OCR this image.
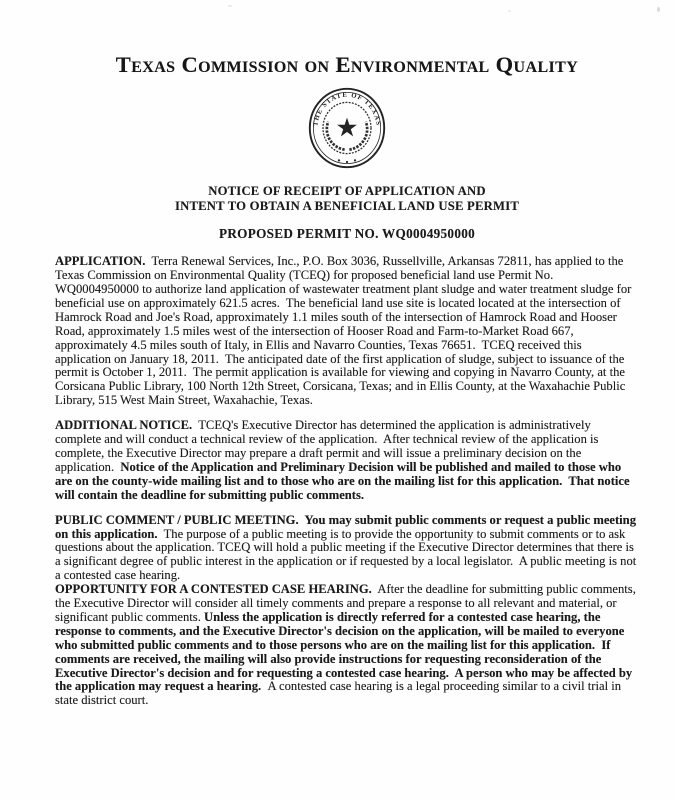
Texas Commission on Environmental Quality
THE STATE OF TEXAS
NOTICE OF RECEIPT OF APPLICATION AND
INTENT TO OBTAIN A BENEFICIAL LAND USE PERMIT
PROPOSED PERMIT NO. WQ0004950000

APPLICATION.  Terra Renewal Services, Inc., P.O. Box 3036, Russellville, Arkansas 72811, has applied to the Texas Commission on Environmental Quality (TCEQ) for proposed beneficial land use Permit No. WQ0004950000 to authorize land application of wastewater treatment plant sludge and water treatment sludge for beneficial use on approximately 621.5 acres.  The beneficial land use site is located located at the intersection of Hamrock Road and Joe's Road, approximately 1.1 miles south of the intersection of Hamrock Road and Hooser Road, approximately 1.5 miles west of the intersection of Hooser Road and Farm-to-Market Road 667, approximately 4.5 miles south of Italy, in Ellis and Navarro Counties, Texas 76651.  TCEQ received this application on January 18, 2011.  The anticipated date of the first application of sludge, subject to issuance of the permit is October 1, 2011.  The permit application is available for viewing and copying in Navarro County, at the Corsicana Public Library, 100 North 12th Street, Corsicana, Texas; and in Ellis County, at the Waxahachie Public Library, 515 West Main Street, Waxahachie, Texas.

ADDITIONAL NOTICE.  TCEQ's Executive Director has determined the application is administratively complete and will conduct a technical review of the application.  After technical review of the application is complete, the Executive Director may prepare a draft permit and will issue a preliminary decision on the application.  Notice of the Application and Preliminary Decision will be published and mailed to those who are on the county-wide mailing list and to those who are on the mailing list for this application.  That notice will contain the deadline for submitting public comments.

PUBLIC COMMENT / PUBLIC MEETING.  You may submit public comments or request a public meeting on this application.  The purpose of a public meeting is to provide the opportunity to submit comments or to ask questions about the application. TCEQ will hold a public meeting if the Executive Director determines that there is a significant degree of public interest in the application or if requested by a local legislator.  A public meeting is not a contested case hearing.
OPPORTUNITY FOR A CONTESTED CASE HEARING.  After the deadline for submitting public comments, the Executive Director will consider all timely comments and prepare a response to all relevant and material, or significant public comments. Unless the application is directly referred for a contested case hearing, the response to comments, and the Executive Director's decision on the application, will be mailed to everyone who submitted public comments and to those persons who are on the mailing list for this application.  If comments are received, the mailing will also provide instructions for requesting reconsideration of the Executive Director's decision and for requesting a contested case hearing.  A person who may be affected by the application may request a hearing.  A contested case hearing is a legal proceeding similar to a civil trial in state district court.
